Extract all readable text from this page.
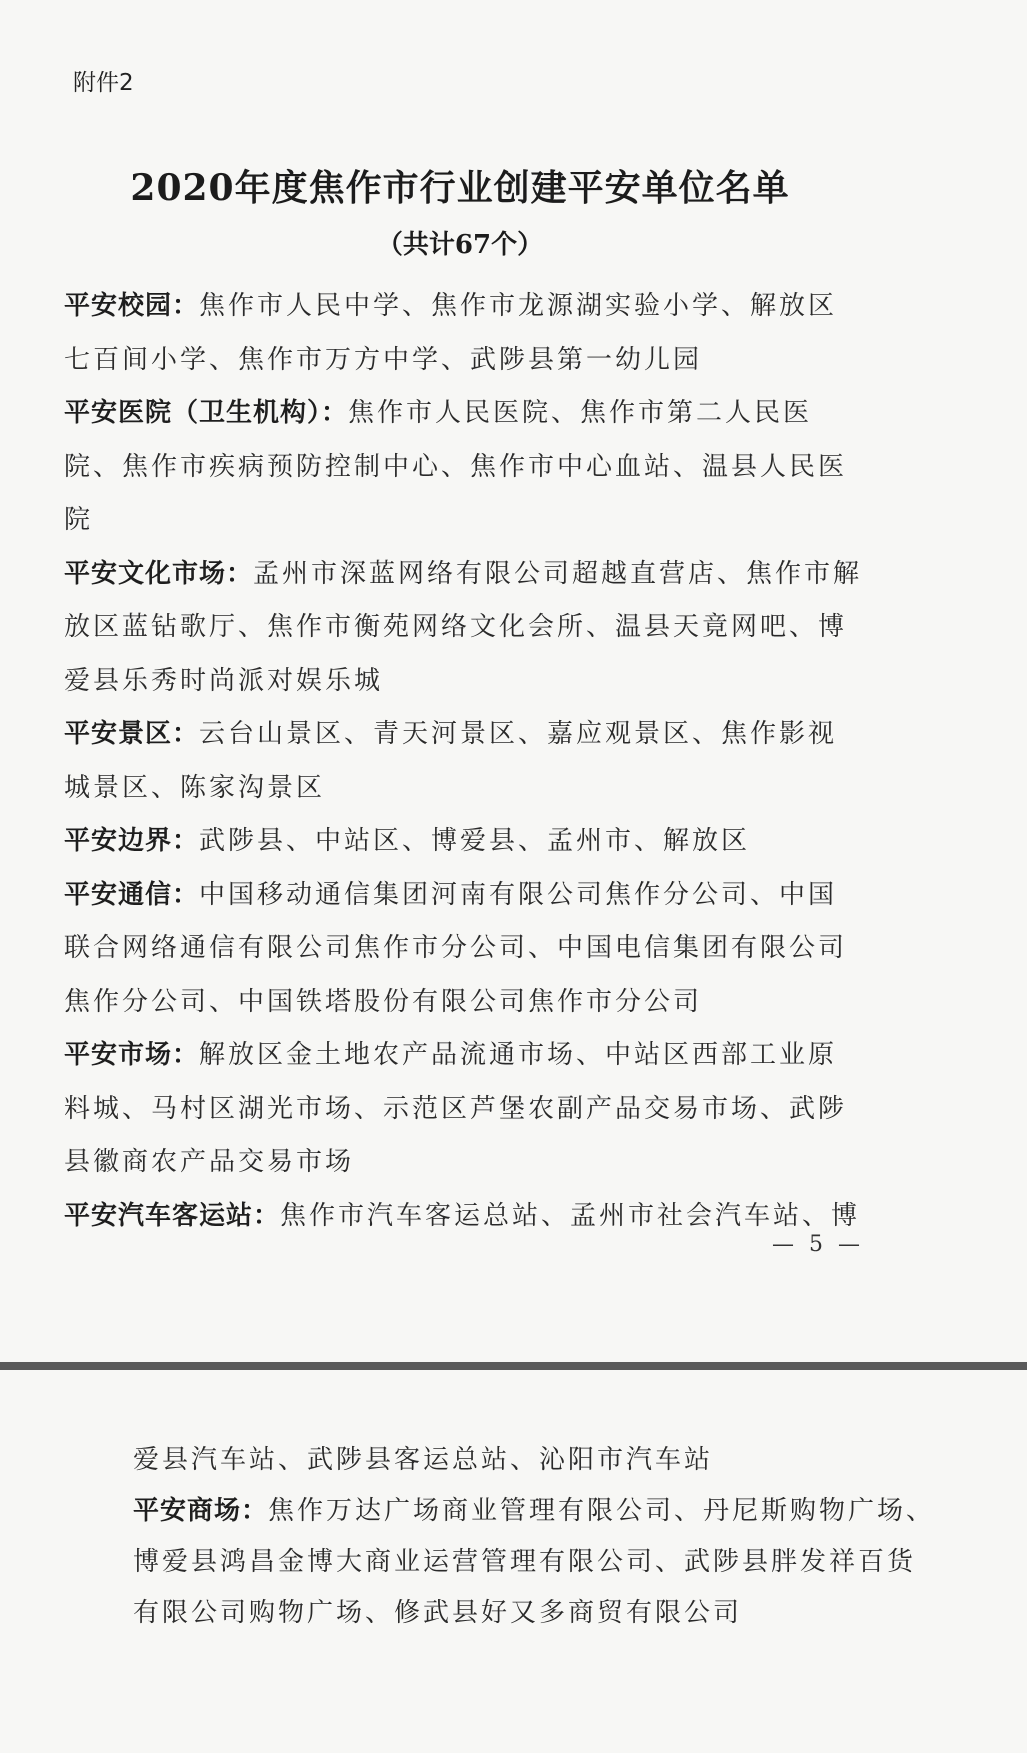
附件2
2020年度焦作市行业创建平安单位名单
（共计67个）

平安校园：焦作市人民中学、焦作市龙源湖实验小学、解放区七百间小学、焦作市万方中学、武陟县第一幼儿园

平安医院（卫生机构）：焦作市人民医院、焦作市第二人民医院、焦作市疾病预防控制中心、焦作市中心血站、温县人民医院

平安文化市场：孟州市深蓝网络有限公司超越直营店、焦作市解放区蓝钻歌厅、焦作市衡苑网络文化会所、温县天竟网吧、博爱县乐秀时尚派对娱乐城

平安景区：云台山景区、青天河景区、嘉应观景区、焦作影视城景区、陈家沟景区

平安边界：武陟县、中站区、博爱县、孟州市、解放区

平安通信：中国移动通信集团河南有限公司焦作分公司、中国联合网络通信有限公司焦作市分公司、中国电信集团有限公司焦作分公司、中国铁塔股份有限公司焦作市分公司

平安市场：解放区金土地农产品流通市场、中站区西部工业原料城、马村区湖光市场、示范区芦堡农副产品交易市场、武陟县徽商农产品交易市场

平安汽车客运站：焦作市汽车客运总站、孟州市社会汽车站、博

— 5 —

爱县汽车站、武陟县客运总站、沁阳市汽车站

平安商场：焦作万达广场商业管理有限公司、丹尼斯购物广场、博爱县鸿昌金博大商业运营管理有限公司、武陟县胖发祥百货有限公司购物广场、修武县好又多商贸有限公司
